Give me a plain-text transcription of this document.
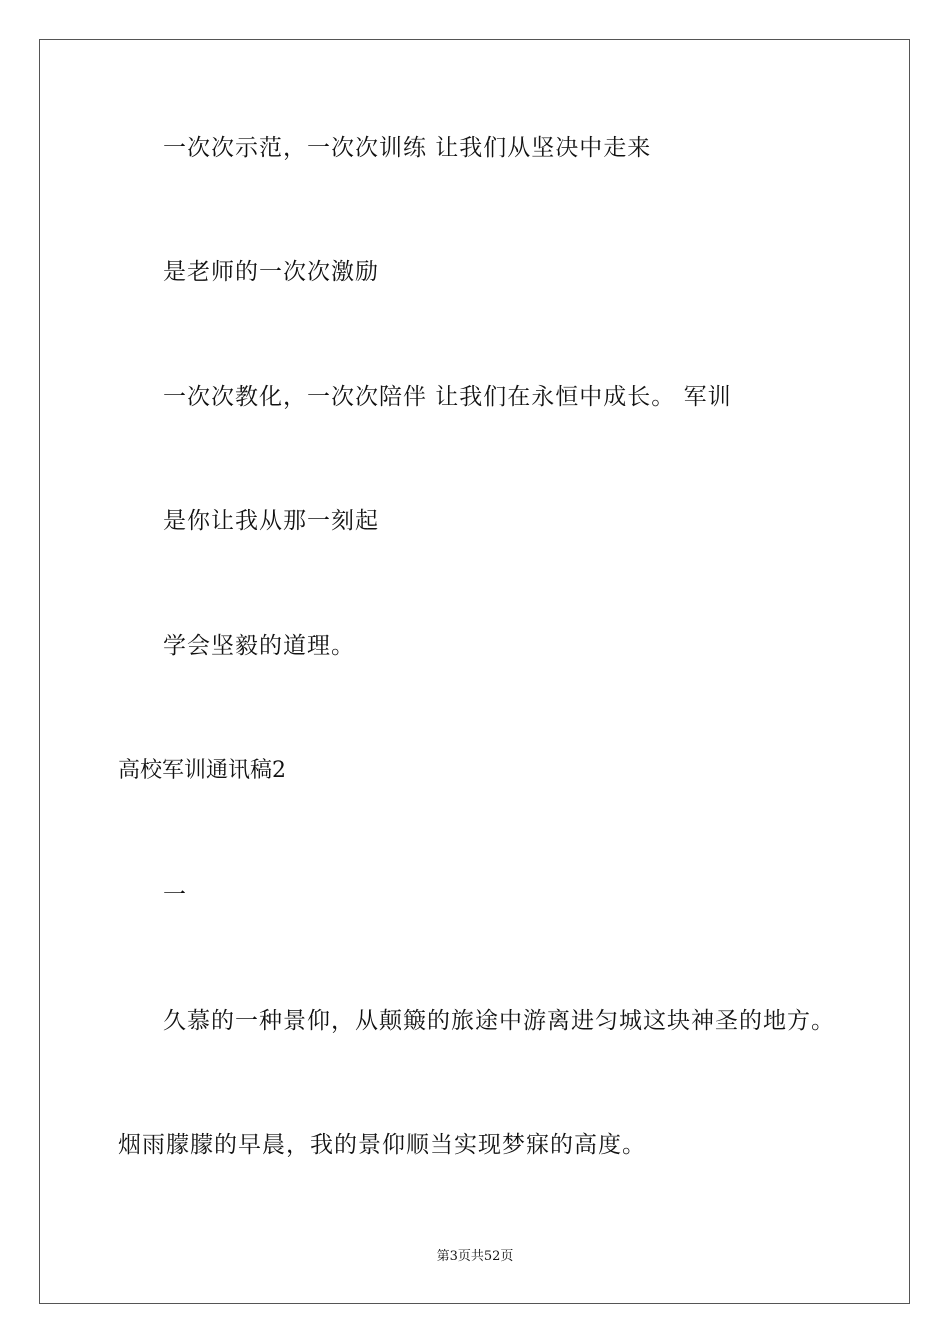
一次次示范，一次次训练 让我们从坚决中走来
是老师的一次次激励
一次次教化，一次次陪伴 让我们在永恒中成长。 军训
是你让我从那一刻起
学会坚毅的道理。
高校军训通讯稿2
一
久慕的一种景仰，从颠簸的旅途中游离进匀城这块神圣的地方。
烟雨朦朦的早晨，我的景仰顺当实现梦寐的高度。
第3页共52页
